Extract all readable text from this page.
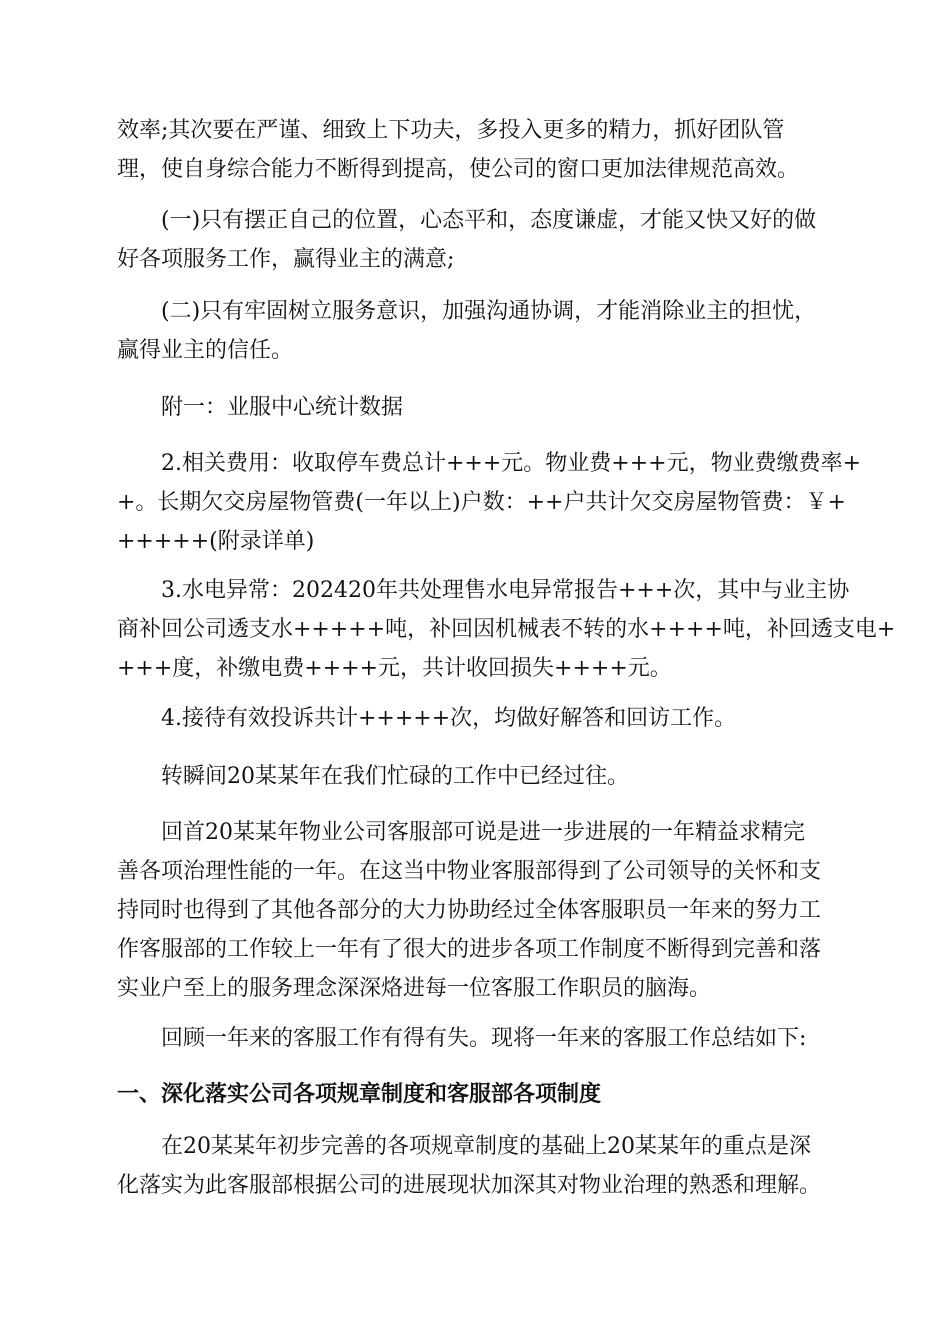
效率;其次要在严谨、细致上下功夫，多投入更多的精力，抓好团队管
理，使自身综合能力不断得到提高，使公司的窗口更加法律规范高效。

(一)只有摆正自己的位置，心态平和，态度谦虚，才能又快又好的做
好各项服务工作，赢得业主的满意;

(二)只有牢固树立服务意识，加强沟通协调，才能消除业主的担忧，
赢得业主的信任。

附一：业服中心统计数据

2.相关费用：收取停车费总计+++元。物业费+++元，物业费缴费率+
+。长期欠交房屋物管费(一年以上)户数：++户共计欠交房屋物管费：￥+
+++++(附录详单)

3.水电异常：202420年共处理售水电异常报告+++次，其中与业主协
商补回公司透支水+++++吨，补回因机械表不转的水++++吨，补回透支电+
+++度，补缴电费++++元，共计收回损失++++元。

4.接待有效投诉共计+++++次，均做好解答和回访工作。

转瞬间20某某年在我们忙碌的工作中已经过往。

回首20某某年物业公司客服部可说是进一步进展的一年精益求精完
善各项治理性能的一年。在这当中物业客服部得到了公司领导的关怀和支
持同时也得到了其他各部分的大力协助经过全体客服职员一年来的努力工
作客服部的工作较上一年有了很大的进步各项工作制度不断得到完善和落
实业户至上的服务理念深深烙进每一位客服工作职员的脑海。

回顾一年来的客服工作有得有失。现将一年来的客服工作总结如下:

一、深化落实公司各项规章制度和客服部各项制度

在20某某年初步完善的各项规章制度的基础上20某某年的重点是深
化落实为此客服部根据公司的进展现状加深其对物业治理的熟悉和理解。
